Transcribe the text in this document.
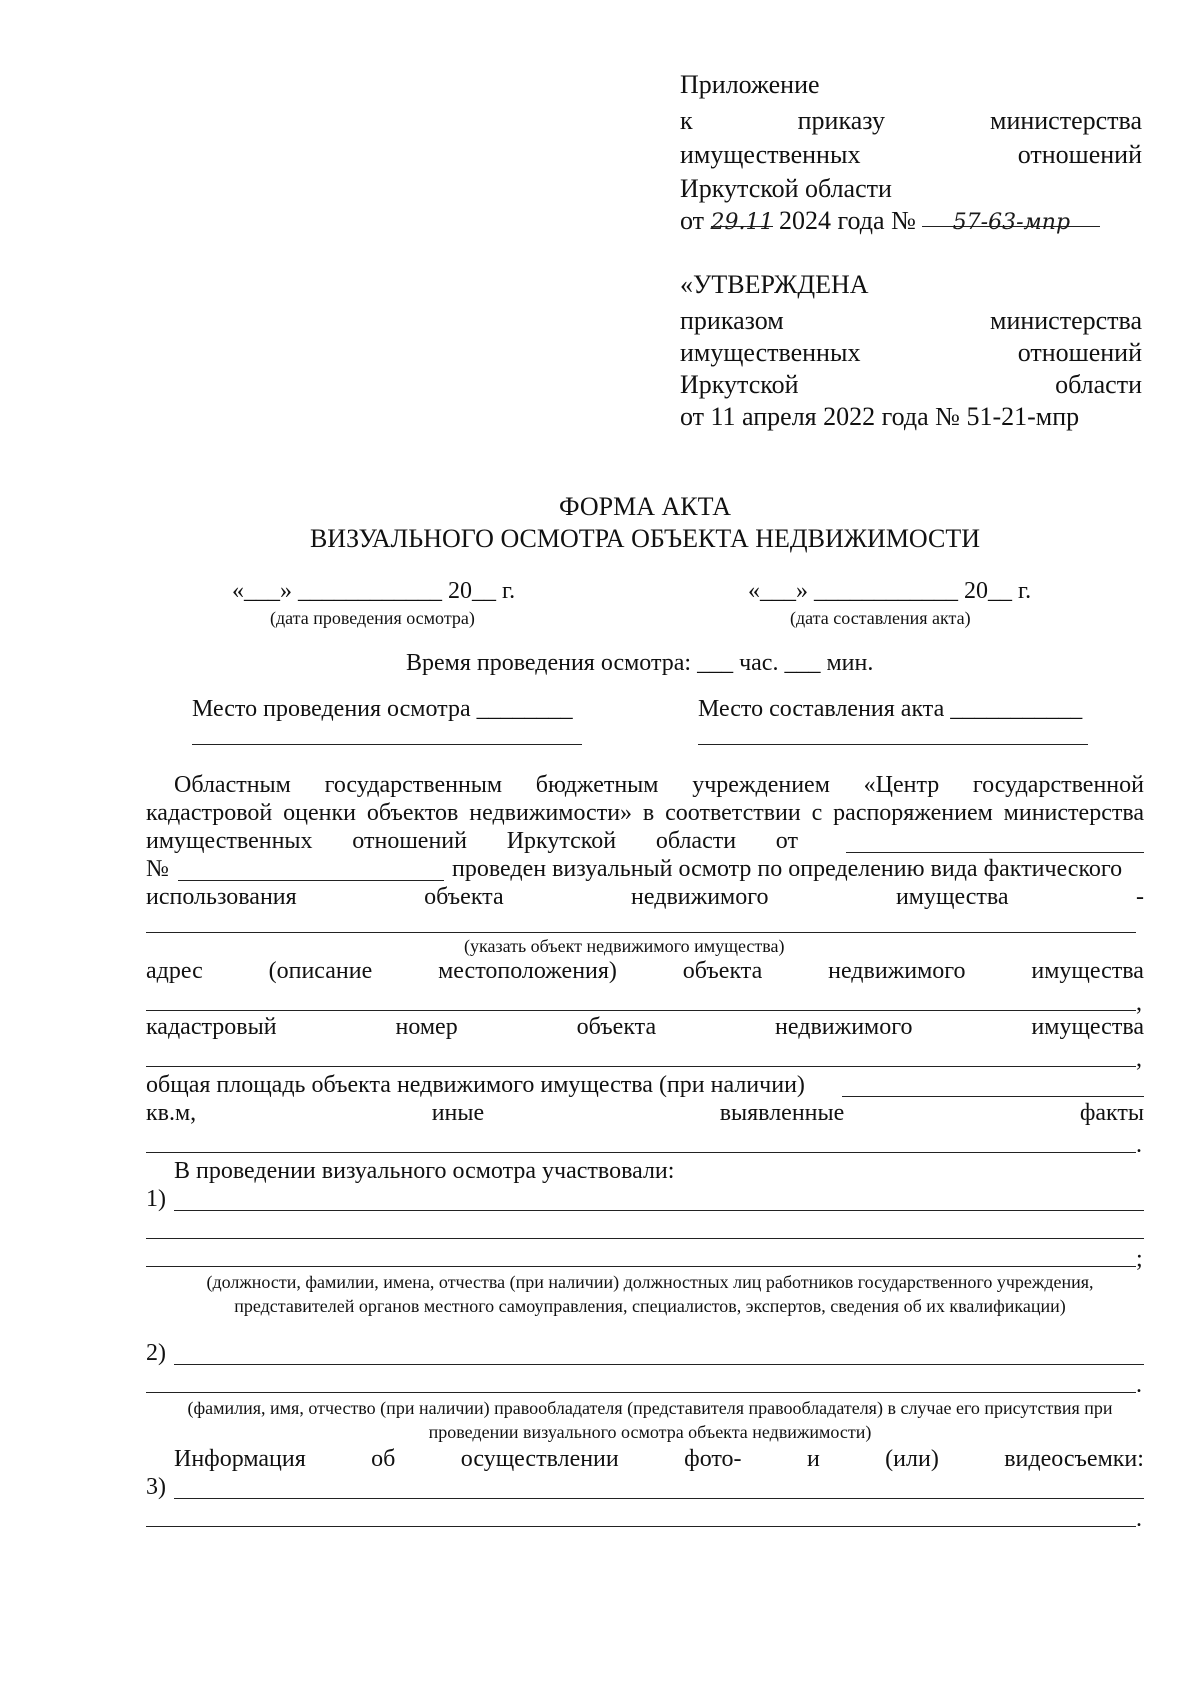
Приложение
к	приказу	министерства
имущественных	отношений
Иркутской области
от 29.11 2024 года № 57-63-мпр
«УТВЕРЖДЕНА
приказом	министерства
имущественных	отношений
Иркутской	области
от 11 апреля 2022 года № 51-21-мпр
ФОРМА АКТА
ВИЗУАЛЬНОГО ОСМОТРА ОБЪЕКТА НЕДВИЖИМОСТИ
«___» ____________ 20__ г.
(дата проведения осмотра)
«___» ____________ 20__ г.
(дата составления акта)
Время проведения осмотра: ___ час. ___ мин.
Место проведения осмотра ________	Место составления акта ___________
Областным государственным бюджетным учреждением «Центр государственной
кадастровой оценки объектов недвижимости» в соответствии с распоряжением министерства
имущественных отношений Иркутской области от
№	проведен визуальный осмотр по определению вида фактического
использования	объекта	недвижимого	имущества	-
(указать объект недвижимого имущества)
адрес	(описание	местоположения)	объекта	недвижимого	имущества
,
кадастровый	номер	объекта	недвижимого	имущества
,
общая площадь объекта недвижимого имущества (при наличии)
кв.м,	иные	выявленные	факты
.
В проведении визуального осмотра участвовали:
1)
;
(должности, фамилии, имена, отчества (при наличии) должностных лиц работников государственного учреждения, представителей органов местного самоуправления, специалистов, экспертов, сведения об их квалификации)
2)
.
(фамилия, имя, отчество (при наличии) правообладателя (представителя правообладателя) в случае его присутствия при проведении визуального осмотра объекта недвижимости)
Информация	об	осуществлении	фото-	и	(или)	видеосъемки:
3)
.
